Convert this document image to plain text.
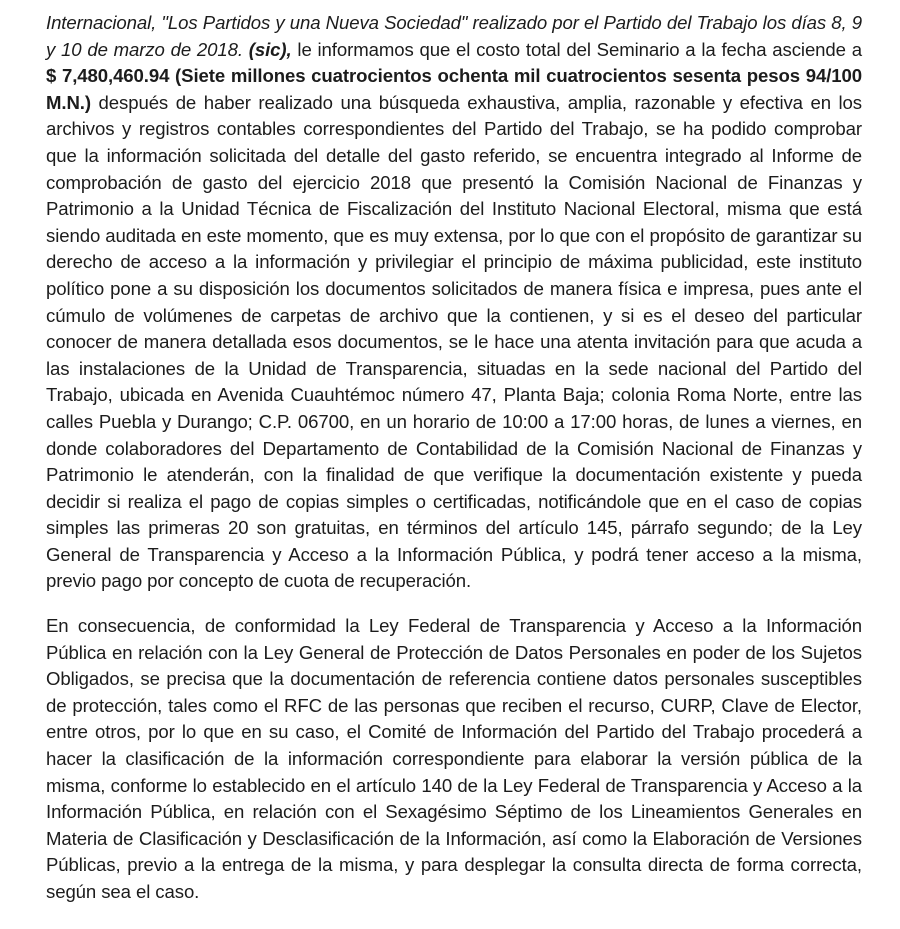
Internacional, "Los Partidos y una Nueva Sociedad" realizado por el Partido del Trabajo los días 8, 9 y 10 de marzo de 2018. (sic), le informamos que el costo total del Seminario a la fecha asciende a $ 7,480,460.94 (Siete millones cuatrocientos ochenta mil cuatrocientos sesenta pesos 94/100 M.N.) después de haber realizado una búsqueda exhaustiva, amplia, razonable y efectiva en los archivos y registros contables correspondientes del Partido del Trabajo, se ha podido comprobar que la información solicitada del detalle del gasto referido, se encuentra integrado al Informe de comprobación de gasto del ejercicio 2018 que presentó la Comisión Nacional de Finanzas y Patrimonio a la Unidad Técnica de Fiscalización del Instituto Nacional Electoral, misma que está siendo auditada en este momento, que es muy extensa, por lo que con el propósito de garantizar su derecho de acceso a la información y privilegiar el principio de máxima publicidad, este instituto político pone a su disposición los documentos solicitados de manera física e impresa, pues ante el cúmulo de volúmenes de carpetas de archivo que la contienen, y si es el deseo del particular conocer de manera detallada esos documentos, se le hace una atenta invitación para que acuda a las instalaciones de la Unidad de Transparencia, situadas en la sede nacional del Partido del Trabajo, ubicada en Avenida Cuauhtémoc número 47, Planta Baja; colonia Roma Norte, entre las calles Puebla y Durango; C.P. 06700, en un horario de 10:00 a 17:00 horas, de lunes a viernes, en donde colaboradores del Departamento de Contabilidad de la Comisión Nacional de Finanzas y Patrimonio le atenderán, con la finalidad de que verifique la documentación existente y pueda decidir si realiza el pago de copias simples o certificadas, notificándole que en el caso de copias simples las primeras 20 son gratuitas, en términos del artículo 145, párrafo segundo; de la Ley General de Transparencia y Acceso a la Información Pública, y podrá tener acceso a la misma, previo pago por concepto de cuota de recuperación.

En consecuencia, de conformidad la Ley Federal de Transparencia y Acceso a la Información Pública en relación con la Ley General de Protección de Datos Personales en poder de los Sujetos Obligados, se precisa que la documentación de referencia contiene datos personales susceptibles de protección, tales como el RFC de las personas que reciben el recurso, CURP, Clave de Elector, entre otros, por lo que en su caso, el Comité de Información del Partido del Trabajo procederá a hacer la clasificación de la información correspondiente para elaborar la versión pública de la misma, conforme lo establecido en el artículo 140 de la Ley Federal de Transparencia y Acceso a la Información Pública, en relación con el Sexagésimo Séptimo de los Lineamientos Generales en Materia de Clasificación y Desclasificación de la Información, así como la Elaboración de Versiones Públicas, previo a la entrega de la misma, y para desplegar la consulta directa de forma correcta, según sea el caso.
